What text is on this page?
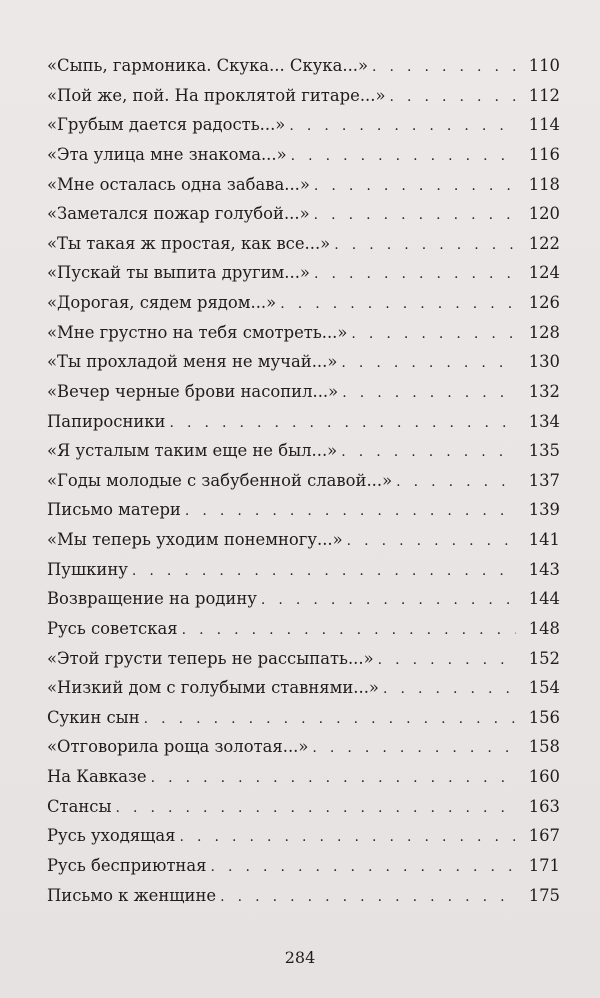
«Сыпь, гармоника. Скука... Скука...» . . .	110
«Пой же, пой. На проклятой гитаре...» . . .	112
«Грубым дается радость...» . . .	114
«Эта улица мне знакома...» . . .	116
«Мне осталась одна забава...» . . .	118
«Заметался пожар голубой...» . . .	120
«Ты такая ж простая, как все...» . . .	122
«Пускай ты выпита другим...» . . .	124
«Дорогая, сядем рядом...» . . .	126
«Мне грустно на тебя смотреть...» . . .	128
«Ты прохладой меня не мучай...» . . .	130
«Вечер черные брови насопил...» . . .	132
Папиросники . . .	134
«Я усталым таким еще не был...» . . .	135
«Годы молодые с забубенной славой...» . . .	137
Письмо матери . . .	139
«Мы теперь уходим понемногу...» . . .	141
Пушкину . . .	143
Возвращение на родину . . .	144
Русь советская . . .	148
«Этой грусти теперь не рассыпать...» . . .	152
«Низкий дом с голубыми ставнями...» . . .	154
Сукин сын . . .	156
«Отговорила роща золотая...» . . .	158
На Кавказе . . .	160
Стансы . . .	163
Русь уходящая . . .	167
Русь бесприютная . . .	171
Письмо к женщине . . .	175
284
